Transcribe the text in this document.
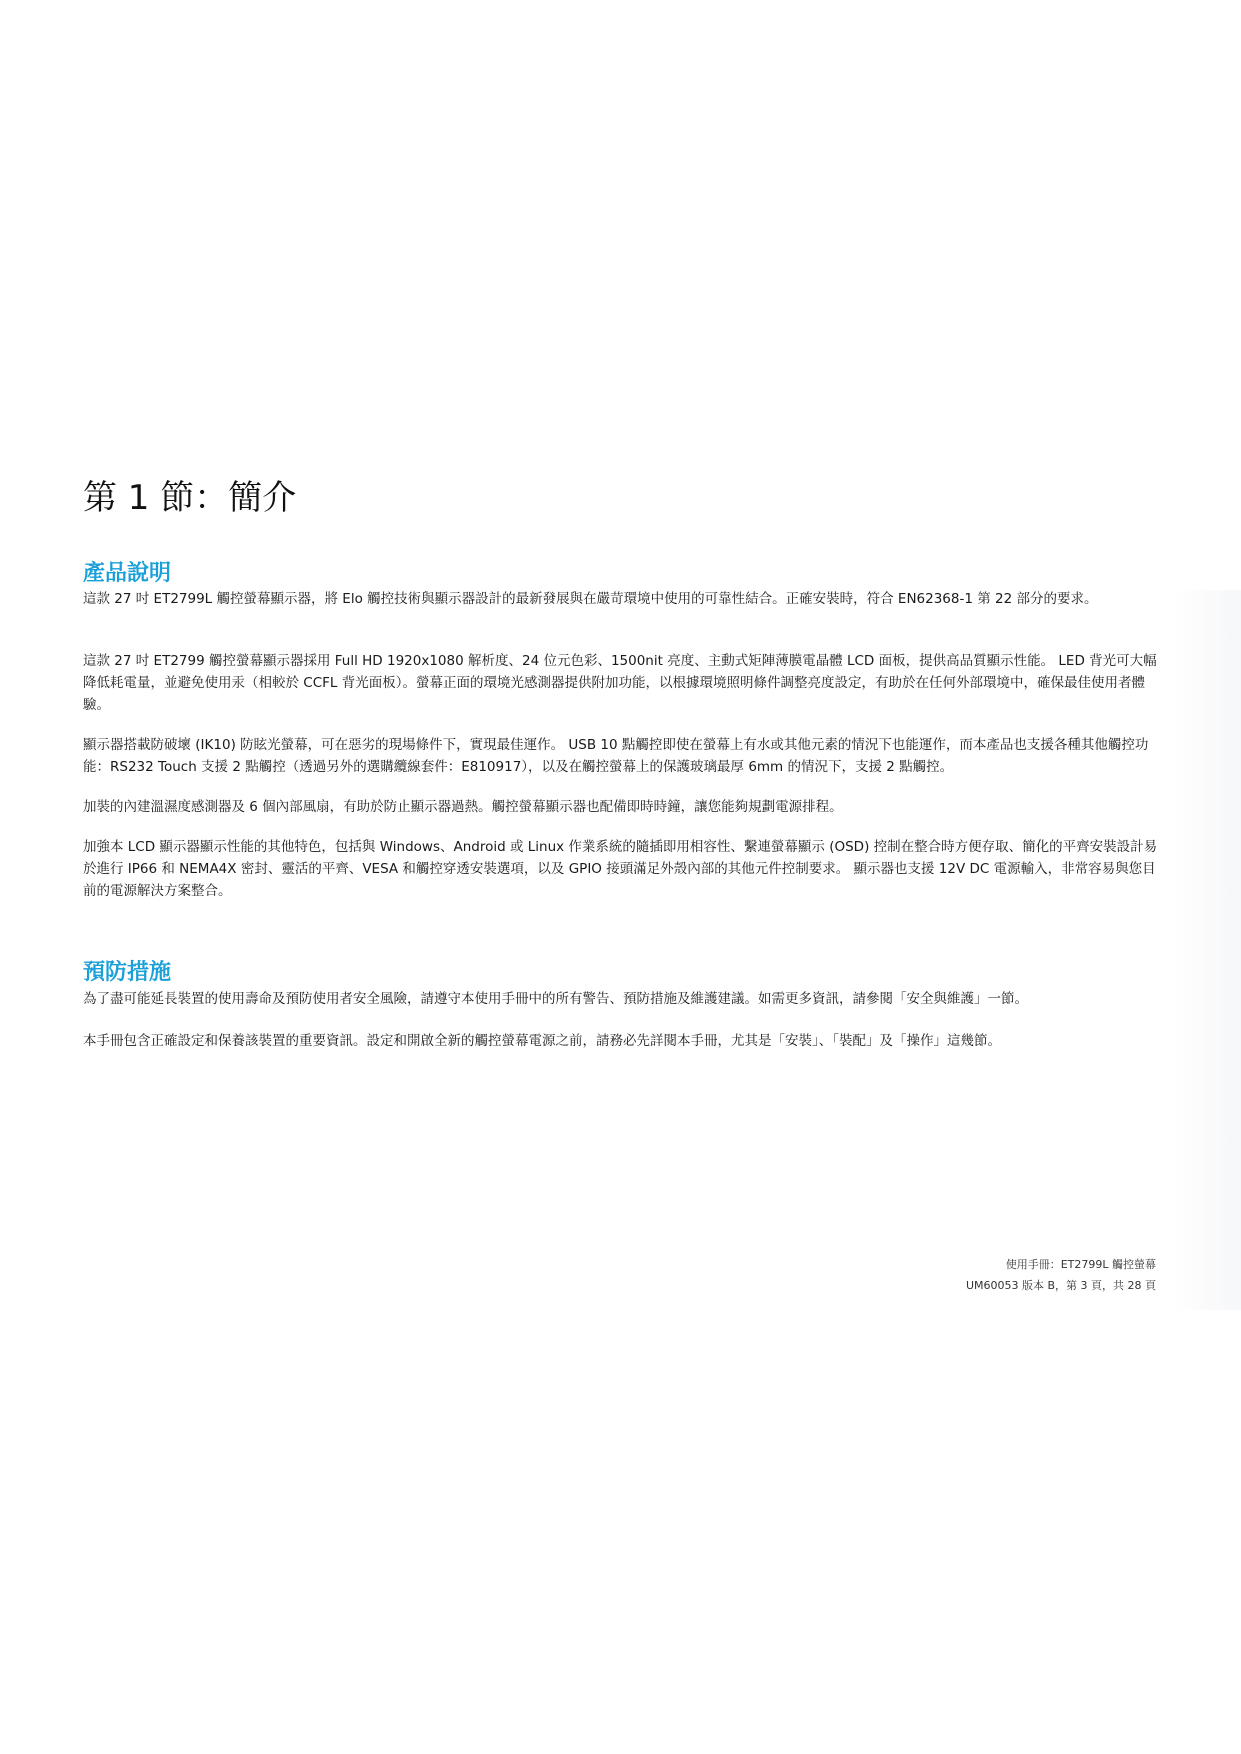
第 1 節：簡介
產品說明

這款 27 吋 ET2799L 觸控螢幕顯示器，將 Elo 觸控技術與顯示器設計的最新發展與在嚴苛環境中使用的可靠性結合。正確安裝時，符合 EN62368-1 第 22 部分的要求。

這款 27 吋 ET2799 觸控螢幕顯示器採用 Full HD 1920x1080 解析度、24 位元色彩、1500nit 亮度、主動式矩陣薄膜電晶體 LCD 面板，提供高品質顯示性能。 LED 背光可大幅降低耗電量，並避免使用汞（相較於 CCFL 背光面板）。螢幕正面的環境光感測器提供附加功能，以根據環境照明條件調整亮度設定，有助於在任何外部環境中，確保最佳使用者體驗。

顯示器搭載防破壞 (IK10) 防眩光螢幕，可在惡劣的現場條件下，實現最佳運作。 USB 10 點觸控即使在螢幕上有水或其他元素的情況下也能運作，而本產品也支援各種其他觸控功能：RS232 Touch 支援 2 點觸控（透過另外的選購纜線套件：E810917），以及在觸控螢幕上的保護玻璃最厚 6mm 的情況下，支援 2 點觸控。

加裝的內建溫濕度感測器及 6 個內部風扇，有助於防止顯示器過熱。觸控螢幕顯示器也配備即時時鐘，讓您能夠規劃電源排程。

加強本 LCD 顯示器顯示性能的其他特色，包括與 Windows、Android 或 Linux 作業系統的隨插即用相容性、繫連螢幕顯示 (OSD) 控制在整合時方便存取、簡化的平齊安裝設計易於進行 IP66 和 NEMA4X 密封、靈活的平齊、VESA 和觸控穿透安裝選項，以及 GPIO 接頭滿足外殼內部的其他元件控制要求。 顯示器也支援 12V DC 電源輸入，非常容易與您目前的電源解決方案整合。

預防措施

為了盡可能延長裝置的使用壽命及預防使用者安全風險，請遵守本使用手冊中的所有警告、預防措施及維護建議。如需更多資訊，請參閱「安全與維護」一節。

本手冊包含正確設定和保養該裝置的重要資訊。設定和開啟全新的觸控螢幕電源之前，請務必先詳閱本手冊，尤其是「安裝」、「裝配」及「操作」這幾節。

使用手冊：ET2799L 觸控螢幕
UM60053 版本 B，第 3 頁，共 28 頁
